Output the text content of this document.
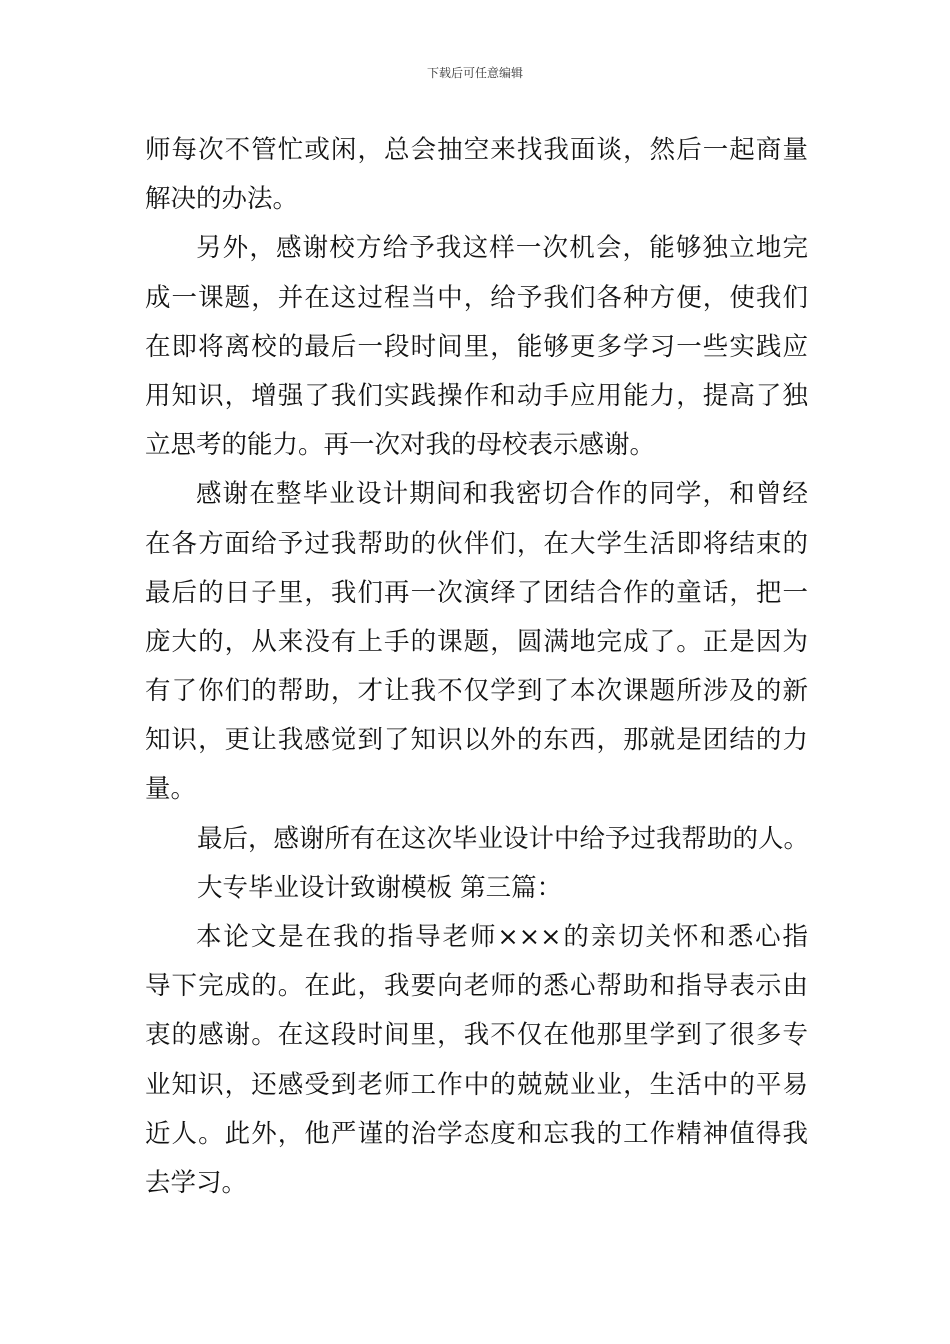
下载后可任意编辑
师每次不管忙或闲，总会抽空来找我面谈，然后一起商量
解决的办法。
另外，感谢校方给予我这样一次机会，能够独立地完
成一课题，并在这过程当中，给予我们各种方便，使我们
在即将离校的最后一段时间里，能够更多学习一些实践应
用知识，增强了我们实践操作和动手应用能力，提高了独
立思考的能力。再一次对我的母校表示感谢。
感谢在整毕业设计期间和我密切合作的同学，和曾经
在各方面给予过我帮助的伙伴们，在大学生活即将结束的
最后的日子里，我们再一次演绎了团结合作的童话，把一
庞大的，从来没有上手的课题，圆满地完成了。正是因为
有了你们的帮助，才让我不仅学到了本次课题所涉及的新
知识，更让我感觉到了知识以外的东西，那就是团结的力
量。
最后，感谢所有在这次毕业设计中给予过我帮助的人。
大专毕业设计致谢模板 第三篇：
本论文是在我的指导老师×××的亲切关怀和悉心指
导下完成的。在此，我要向老师的悉心帮助和指导表示由
衷的感谢。在这段时间里，我不仅在他那里学到了很多专
业知识，还感受到老师工作中的兢兢业业，生活中的平易
近人。此外，他严谨的治学态度和忘我的工作精神值得我
去学习。
